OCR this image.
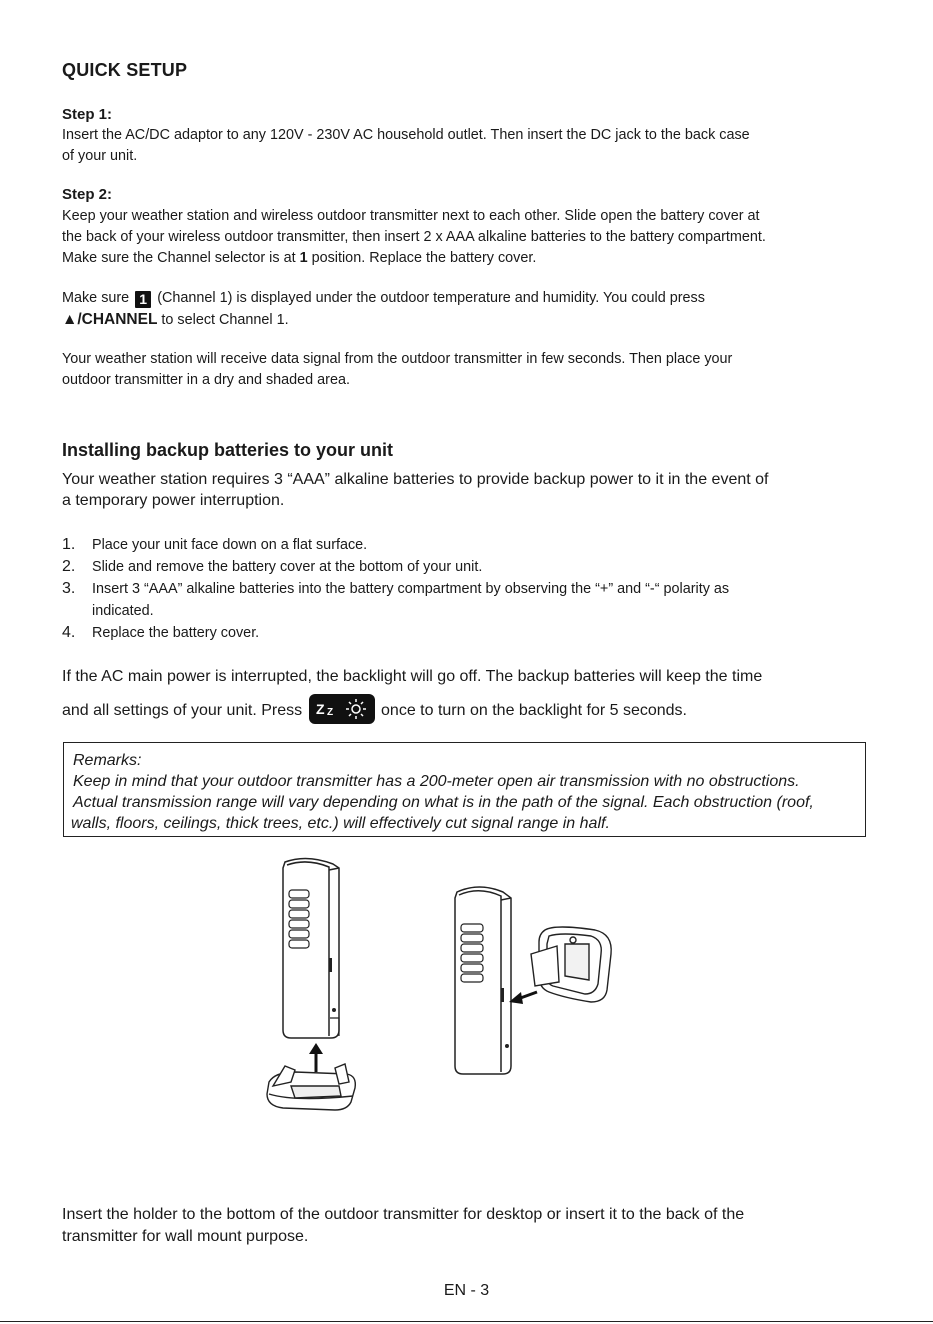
QUICK SETUP
Step 1:
Insert the AC/DC adaptor to any 120V - 230V AC household outlet. Then insert the DC jack to the back case
of your unit.
Step 2:
Keep your weather station and wireless outdoor transmitter next to each other. Slide open the battery cover at
the back of your wireless outdoor transmitter, then insert 2 x AAA alkaline batteries to the battery compartment.
Make sure the Channel selector is at 1 position. Replace the battery cover.
Make sure 1 (Channel 1) is displayed under the outdoor temperature and humidity. You could press
▲/CHANNEL to select Channel 1.
Your weather station will receive data signal from the outdoor transmitter in few seconds. Then place your
outdoor transmitter in a dry and shaded area.
Installing backup batteries to your unit
Your weather station requires 3 “AAA” alkaline batteries to provide backup power to it in the event of
a temporary power interruption.
1. Place your unit face down on a flat surface.
2. Slide and remove the battery cover at the bottom of your unit.
3. Insert 3 “AAA” alkaline batteries into the battery compartment by observing the “+” and “-“ polarity as
indicated.
4. Replace the battery cover.
If the AC main power is interrupted, the backlight will go off. The backup batteries will keep the time
and all settings of your unit. Press Z Z	once to turn on the backlight for 5 seconds.
Remarks:
Keep in mind that your outdoor transmitter has a 200-meter open air transmission with no obstructions.
Actual transmission range will vary depending on what is in the path of the signal. Each obstruction (roof,
walls, floors, ceilings, thick trees, etc.) will effectively cut signal range in half.
Insert the holder to the bottom of the outdoor transmitter for desktop or insert it to the back of the
transmitter for wall mount purpose.
EN - 3
